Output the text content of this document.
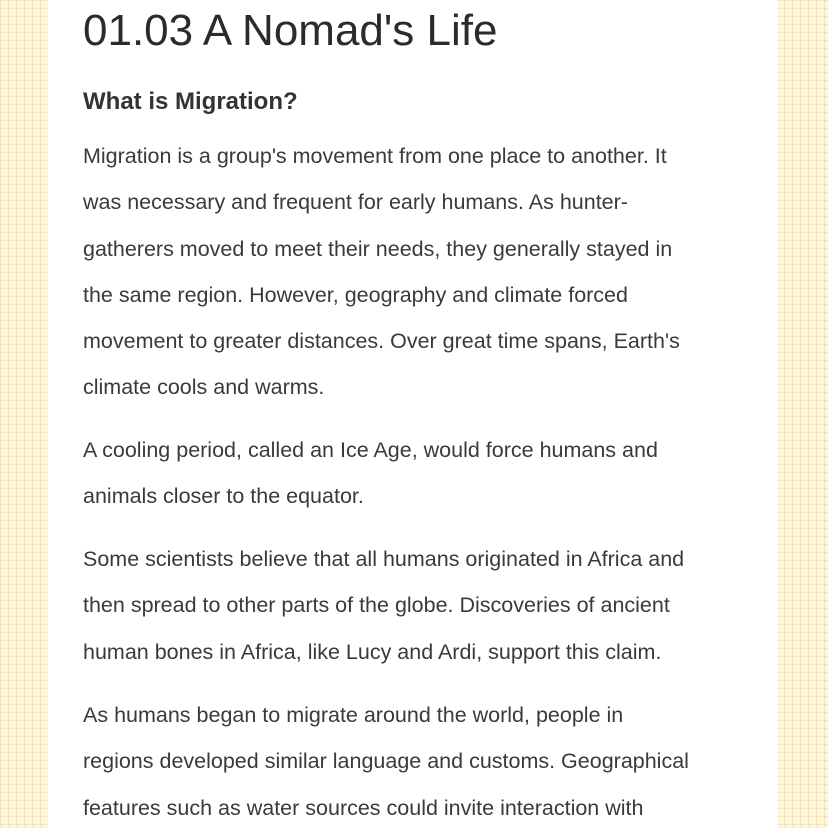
01.03 A Nomad's Life
What is Migration?

Migration is a group's movement from one place to another. It
was necessary and frequent for early humans. As hunter-
gatherers moved to meet their needs, they generally stayed in
the same region. However, geography and climate forced
movement to greater distances. Over great time spans, Earth's
climate cools and warms.

A cooling period, called an Ice Age, would force humans and
animals closer to the equator.

Some scientists believe that all humans originated in Africa and
then spread to other parts of the globe. Discoveries of ancient
human bones in Africa, like Lucy and Ardi, support this claim.

As humans began to migrate around the world, people in
regions developed similar language and customs. Geographical
features such as water sources could invite interaction with
